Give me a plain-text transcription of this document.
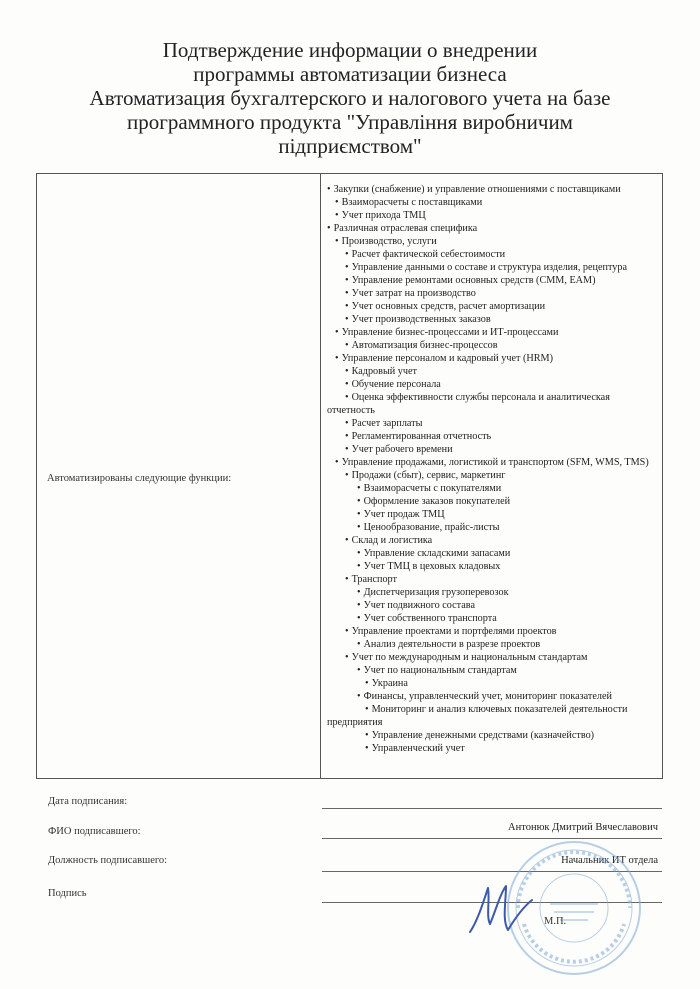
Подтверждение информации о внедрении
программы автоматизации бизнеса
Автоматизация бухгалтерского и налогового учета на базе
программного продукта "Управління виробничим
підприємством"
Автоматизированы следующие функции:
• Закупки (снабжение) и управление отношениями с поставщиками
• Взаиморасчеты с поставщиками
• Учет прихода ТМЦ
• Различная отраслевая специфика
• Производство, услуги
• Расчет фактической себестоимости
• Управление данными о составе и структура изделия, рецептура
• Управление ремонтами основных средств (СММ, ЕАМ)
• Учет затрат на производство
• Учет основных средств, расчет амортизации
• Учет производственных заказов
• Управление бизнес-процессами и ИТ-процессами
• Автоматизация бизнес-процессов
• Управление персоналом и кадровый учет (HRM)
• Кадровый учет
• Обучение персонала
• Оценка эффективности службы персонала и аналитическая отчетность
• Расчет зарплаты
• Регламентированная отчетность
• Учет рабочего времени
• Управление продажами, логистикой и транспортом (SFM, WMS, TMS)
• Продажи (сбыт), сервис, маркетинг
• Взаиморасчеты с покупателями
• Оформление заказов покупателей
• Учет продаж ТМЦ
• Ценообразование, прайс-листы
• Склад и логистика
• Управление складскими запасами
• Учет ТМЦ в цеховых кладовых
• Транспорт
• Диспетчеризация грузоперевозок
• Учет подвижного состава
• Учет собственного транспорта
• Управление проектами и портфелями проектов
• Анализ деятельности в разрезе проектов
• Учет по международным и национальным стандартам
• Учет по национальным стандартам
• Украина
• Финансы, управленческий учет, мониторинг показателей
• Мониторинг и анализ ключевых показателей деятельности предприятия
• Управление денежными средствами (казначейство)
• Управленческий учет
Дата подписания:
ФИО подписавшего:	Антонюк Дмитрий Вячеславович
Должность подписавшего:	Начальник ИТ отдела
Подпись
М.П.
